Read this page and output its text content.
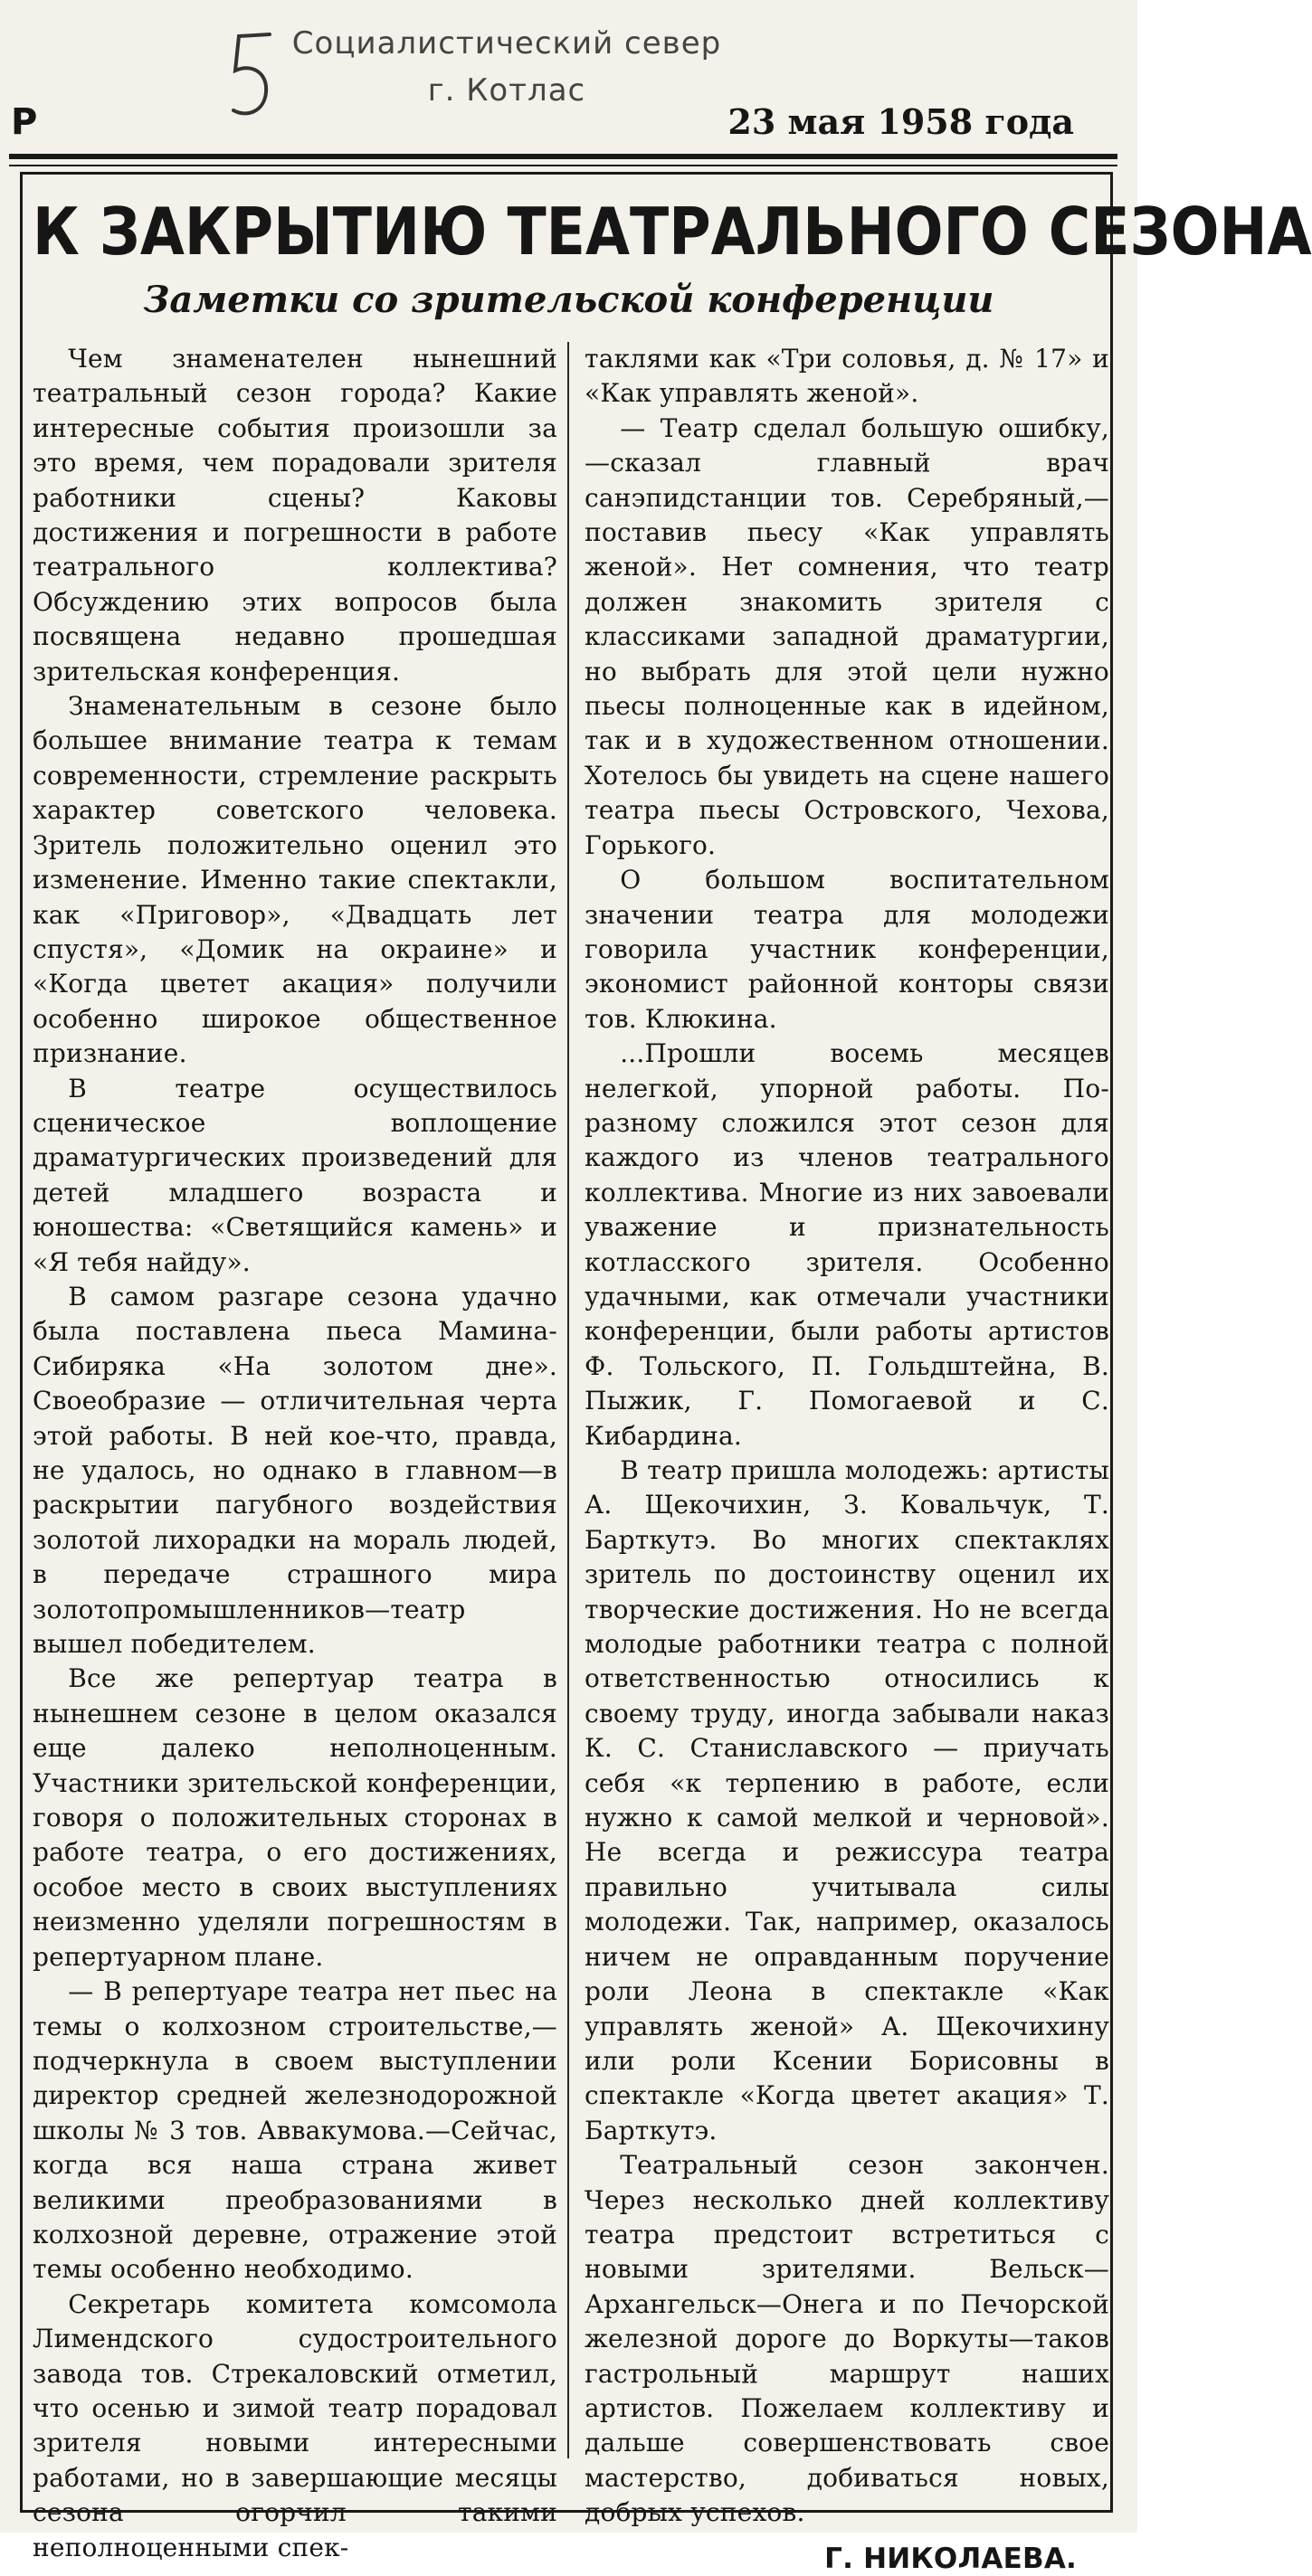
Социалистический север
г. Котлас
Р	23 мая 1958 года
К ЗАКРЫТИЮ ТЕАТРАЛЬНОГО СЕЗОНА
Заметки со зрительской конференции

Чем знаменателен нынешний театральный сезон города? Какие интересные события произошли за это время, чем порадовали зрителя работники сцены? Каковы достижения и погрешности в работе театрального коллектива? Обсуждению этих вопросов была посвящена недавно прошедшая зрительская конференция.

Знаменательным в сезоне было большее внимание театра к темам современности, стремление раскрыть характер советского человека. Зритель положительно оценил это изменение. Именно такие спектакли, как «Приговор», «Двадцать лет спустя», «Домик на окраине» и «Когда цветет акация» получили особенно широкое общественное признание.

В театре осуществилось сценическое воплощение драматургических произведений для детей младшего возраста и юношества: «Светящийся камень» и «Я тебя найду».

В самом разгаре сезона удачно была поставлена пьеса Мамина-Сибиряка «На золотом дне». Своеобразие — отличительная черта этой работы. В ней кое-что, правда, не удалось, но однако в главном—в раскрытии пагубного воздействия золотой лихорадки на мораль людей, в передаче страшного мира золотопромышленников—театр вышел победителем.

Все же репертуар театра в нынешнем сезоне в целом оказался еще далеко неполноценным. Участники зрительской конференции, говоря о положительных сторонах в работе театра, о его достижениях, особое место в своих выступлениях неизменно уделяли погрешностям в репертуарном плане.

— В репертуаре театра нет пьес на темы о колхозном строительстве,—подчеркнула в своем выступлении директор средней железнодорожной школы № 3 тов. Аввакумова.—Сейчас, когда вся наша страна живет великими преобразованиями в колхозной деревне, отражение этой темы особенно необходимо.

Секретарь комитета комсомола Лимендского судостроительного завода тов. Стрекаловский отметил, что осенью и зимой театр порадовал зрителя новыми интересными работами, но в завершающие месяцы сезона огорчил такими неполноценными спек-

таклями как «Три соловья, д. № 17» и «Как управлять женой».

— Театр сделал большую ошибку, —сказал главный врач санэпидстанции тов. Серебряный,—поставив пьесу «Как управлять женой». Нет сомнения, что театр должен знакомить зрителя с классиками западной драматургии, но выбрать для этой цели нужно пьесы полноценные как в идейном, так и в художественном отношении. Хотелось бы увидеть на сцене нашего театра пьесы Островского, Чехова, Горького.

О большом воспитательном значении театра для молодежи говорила участник конференции, экономист районной конторы связи тов. Клюкина.

...Прошли восемь месяцев нелегкой, упорной работы. По-разному сложился этот сезон для каждого из членов театрального коллектива. Многие из них завоевали уважение и признательность котласского зрителя. Особенно удачными, как отмечали участники конференции, были работы артистов Ф. Тольского, П. Гольдштейна, В. Пыжик, Г. Помогаевой и С. Кибардина.

В театр пришла молодежь: артисты А. Щекочихин, З. Ковальчук, Т. Барткутэ. Во многих спектаклях зритель по достоинству оценил их творческие достижения. Но не всегда молодые работники театра с полной ответственностью относились к своему труду, иногда забывали наказ К. С. Станиславского — приучать себя «к терпению в работе, если нужно к самой мелкой и черновой». Не всегда и режиссура театра правильно учитывала силы молодежи. Так, например, оказалось ничем не оправданным поручение роли Леона в спектакле «Как управлять женой» А. Щекочихину или роли Ксении Борисовны в спектакле «Когда цветет акация» Т. Барткутэ.

Театральный сезон закончен. Через несколько дней коллективу театра предстоит встретиться с новыми зрителями. Вельск—Архангельск—Онега и по Печорской железной дороге до Воркуты—таков гастрольный маршрут наших артистов. Пожелаем коллективу и дальше совершенствовать свое мастерство, добиваться новых, добрых успехов.

Г. НИКОЛАЕВА.
